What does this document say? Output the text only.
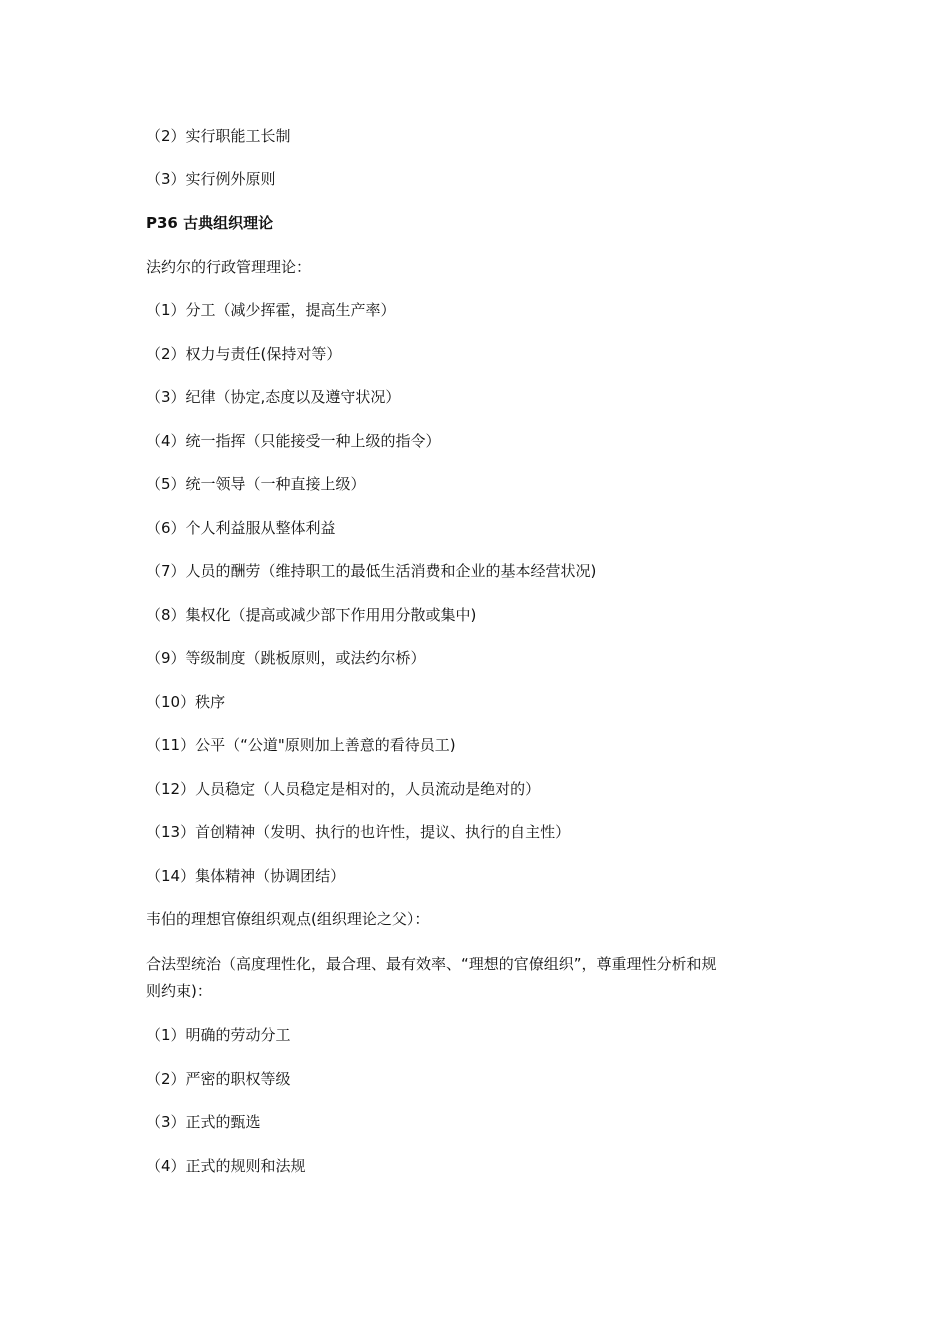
（2）实行职能工长制
（3）实行例外原则
P36 古典组织理论
法约尔的行政管理理论：
（1）分工（减少挥霍，提高生产率）
（2）权力与责任(保持对等）
（3）纪律（协定,态度以及遵守状况）
（4）统一指挥（只能接受一种上级的指令）
（5）统一领导（一种直接上级）
（6）个人利益服从整体利益
（7）人员的酬劳（维持职工的最低生活消费和企业的基本经营状况)
（8）集权化（提高或减少部下作用用分散或集中)
（9）等级制度（跳板原则，或法约尔桥）
（10）秩序
（11）公平（“公道"原则加上善意的看待员工)
（12）人员稳定（人员稳定是相对的，人员流动是绝对的）
（13）首创精神（发明、执行的也许性，提议、执行的自主性）
（14）集体精神（协调团结）
韦伯的理想官僚组织观点(组织理论之父）：
合法型统治（高度理性化，最合理、最有效率、“理想的官僚组织”，尊重理性分析和规
则约束)：
（1）明确的劳动分工
（2）严密的职权等级
（3）正式的甄选
（4）正式的规则和法规
